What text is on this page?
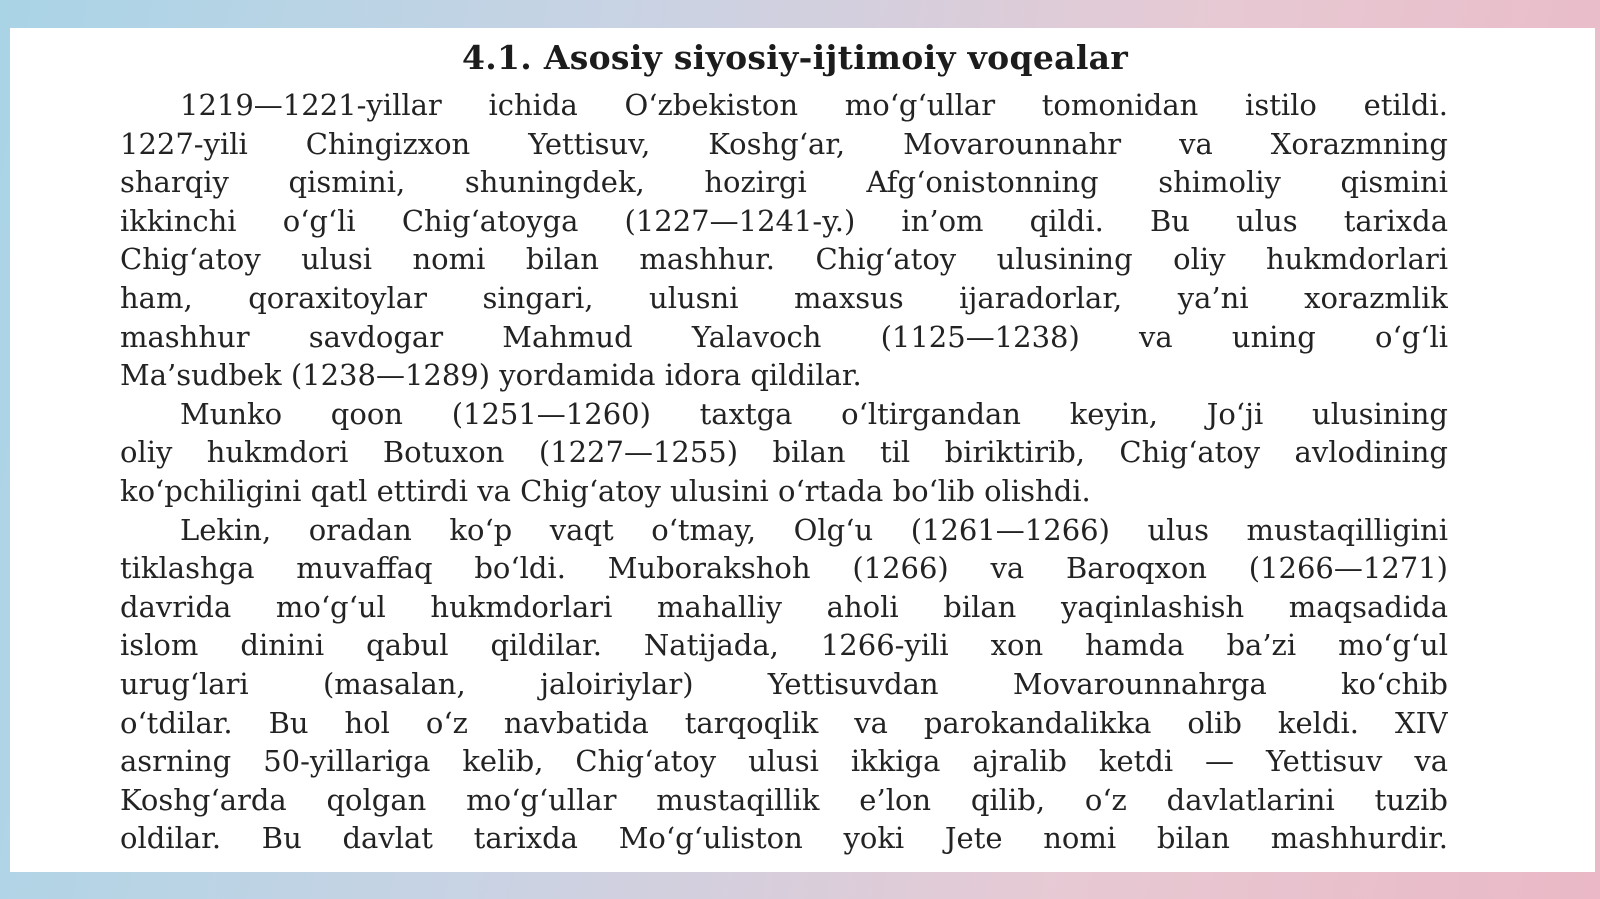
4.1. Asosiy siyosiy-ijtimoiy voqealar
1219—1221-yillar ichida O‘zbekiston mo‘g‘ullar tomonidan istilo etildi.
1227-yili Chingizxon Yettisuv, Koshg‘ar, Movarounnahr va Xorazmning
sharqiy qismini, shuningdek, hozirgi Afg‘onistonning shimoliy qismini
ikkinchi o‘g‘li Chig‘atoyga (1227—1241-y.) in’om qildi. Bu ulus tarixda
Chig‘atoy ulusi nomi bilan mashhur. Chig‘atoy ulusining oliy hukmdorlari
ham, qoraxitoylar singari, ulusni maxsus ijaradorlar, ya’ni xorazmlik
mashhur savdogar Mahmud Yalavoch (1125—1238) va uning o‘g‘li
Ma’sudbek (1238—1289) yordamida idora qildilar.
Munko qoon (1251—1260) taxtga o‘ltirgandan keyin, Jo‘ji ulusining
oliy hukmdori Botuxon (1227—1255) bilan til biriktirib, Chig‘atoy avlodining
ko‘pchiligini qatl ettirdi va Chig‘atoy ulusini o‘rtada bo‘lib olishdi.
Lekin, oradan ko‘p vaqt o‘tmay, Olg‘u (1261—1266) ulus mustaqilligini
tiklashga muvaffaq bo‘ldi. Muborakshoh (1266) va Baroqxon (1266—1271)
davrida mo‘g‘ul hukmdorlari mahalliy aholi bilan yaqinlashish maqsadida
islom dinini qabul qildilar. Natijada, 1266-yili xon hamda ba’zi mo‘g‘ul
urug‘lari (masalan, jaloiriylar) Yettisuvdan Movarounnahrga ko‘chib
o‘tdilar. Bu hol o‘z navbatida tarqoqlik va parokandalikka olib keldi. XIV
asrning 50-yillariga kelib, Chig‘atoy ulusi ikkiga ajralib ketdi — Yettisuv va
Koshg‘arda qolgan mo‘g‘ullar mustaqillik e’lon qilib, o‘z davlatlarini tuzib
oldilar. Bu davlat tarixda Mo‘g‘uliston yoki Jete nomi bilan mashhurdir.
